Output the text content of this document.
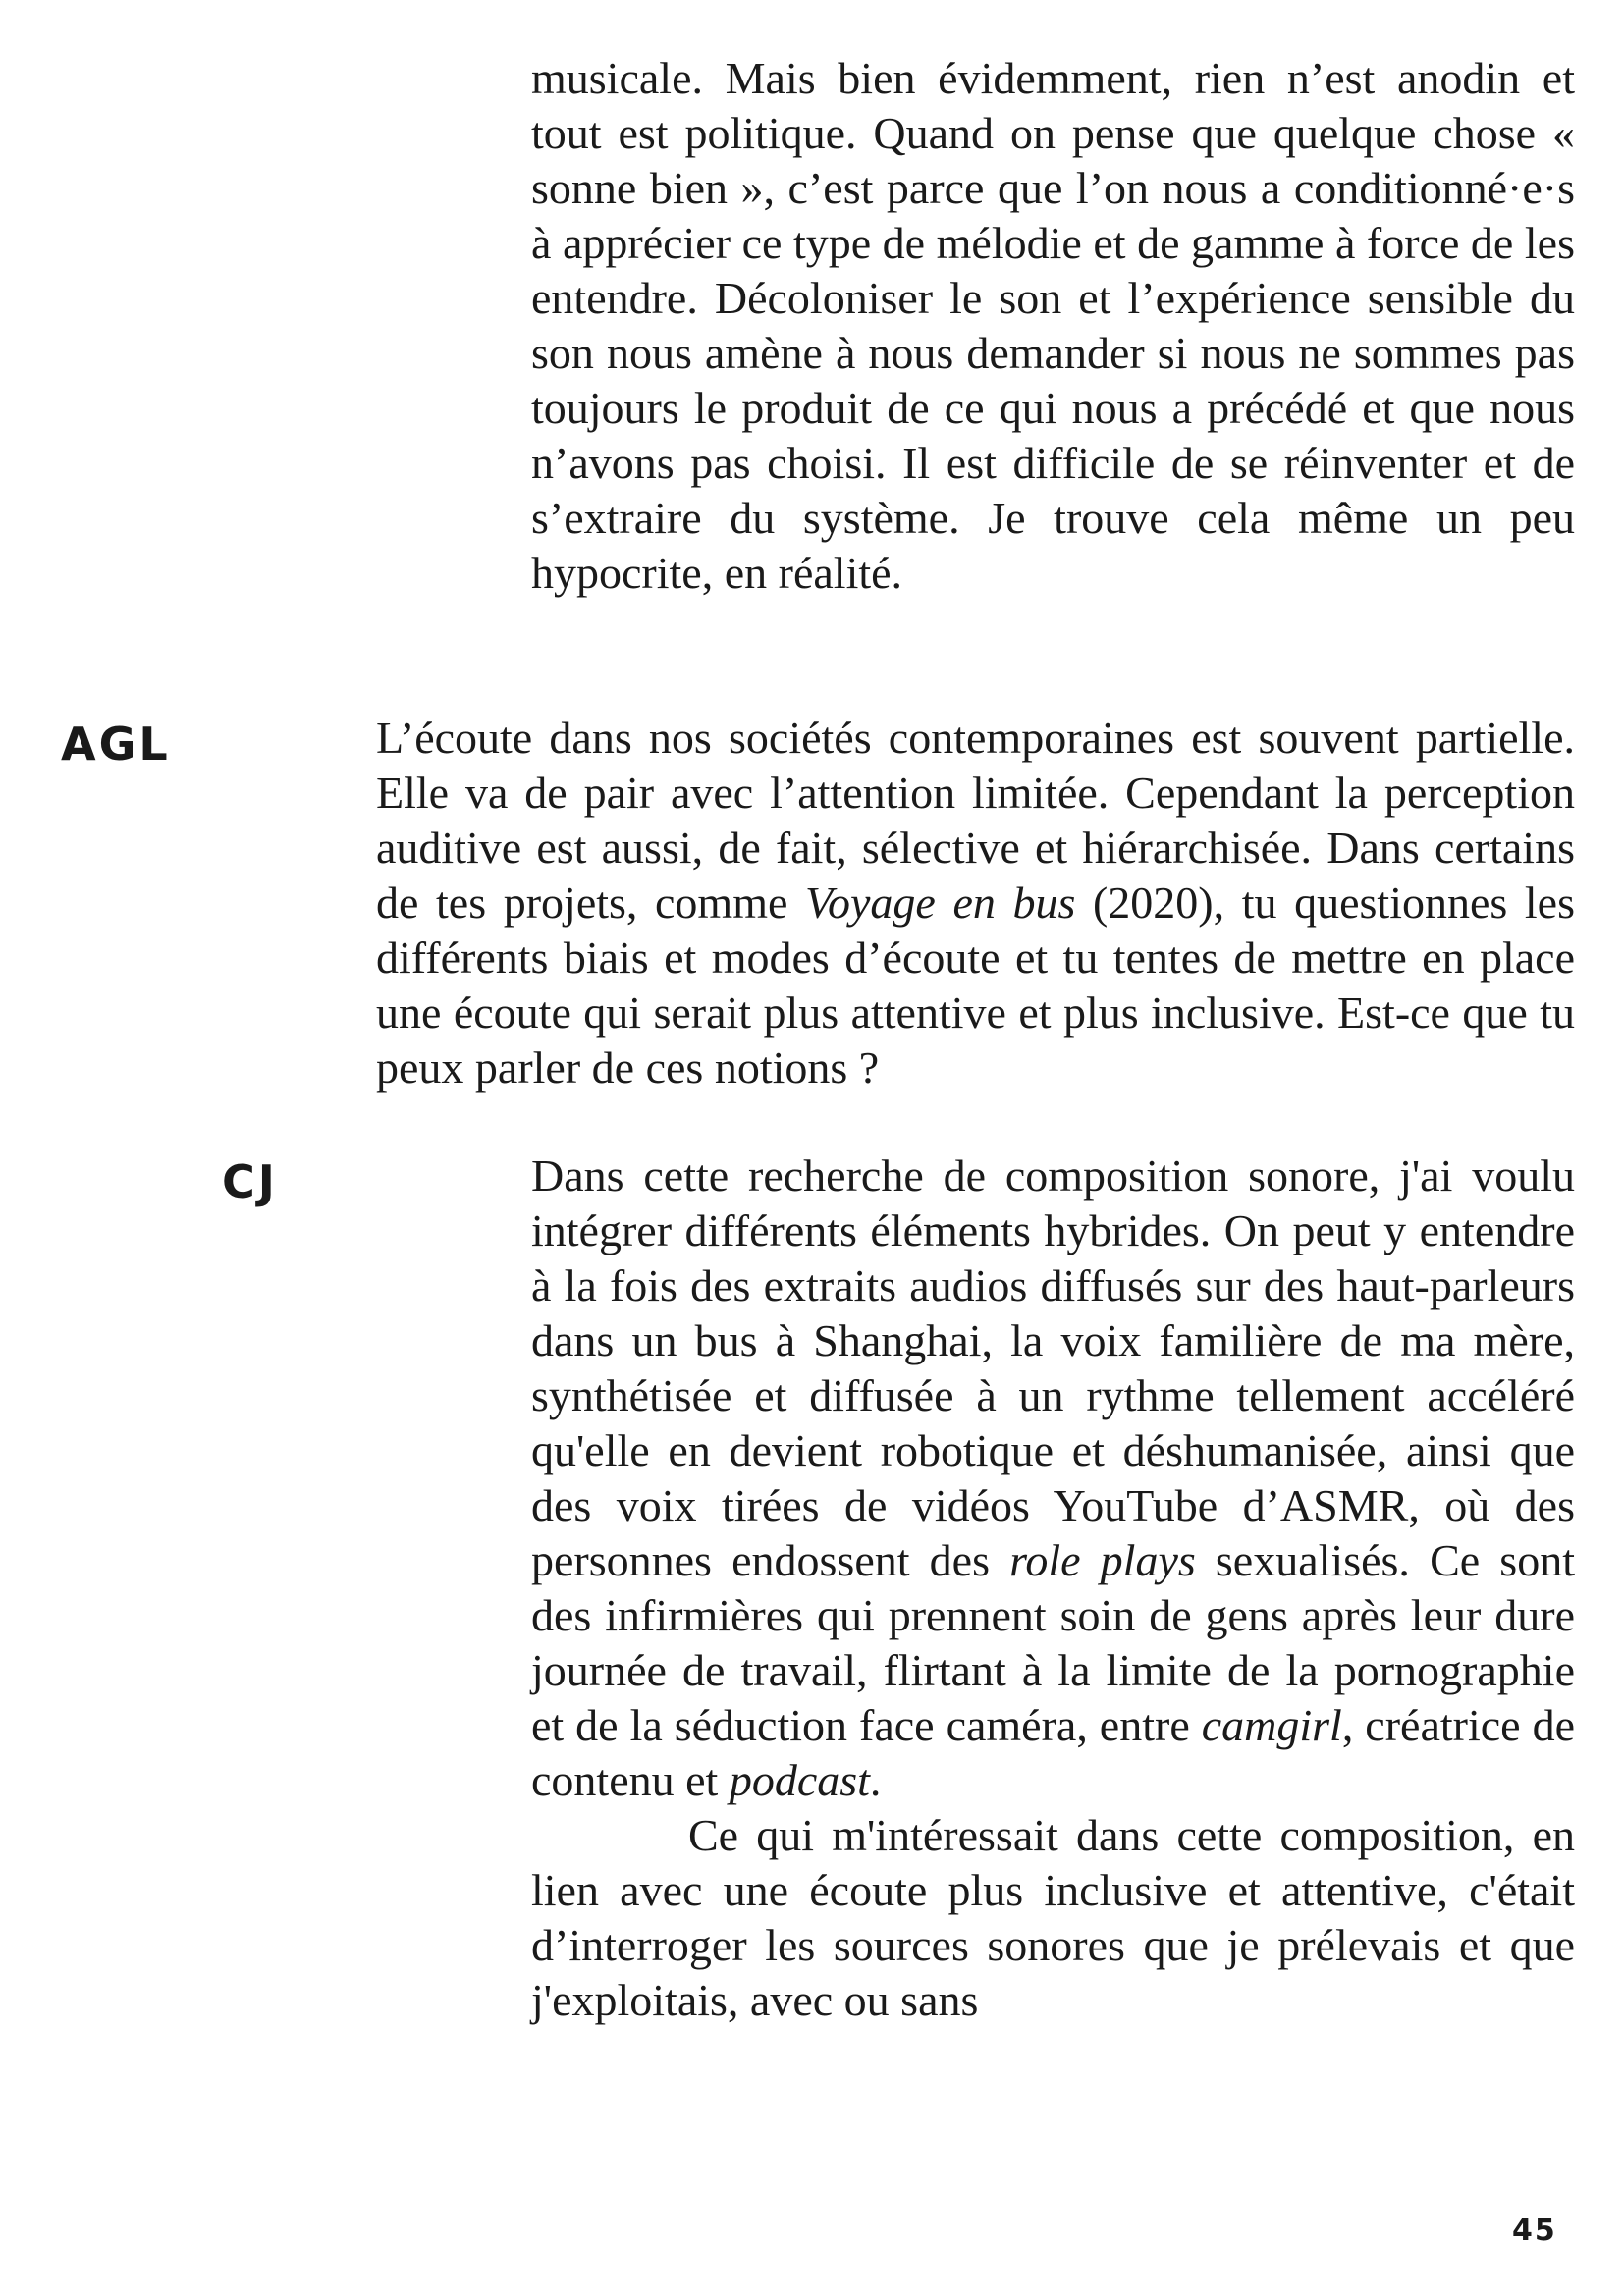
musicale. Mais bien évidemment, rien n’est anodin et tout est politique. Quand on pense que quelque chose « sonne bien », c’est parce que l’on nous a conditionné·e·s à apprécier ce type de mélodie et de gamme à force de les entendre. Décoloniser le son et l’expérience sensible du son nous amène à nous demander si nous ne sommes pas toujours le produit de ce qui nous a précédé et que nous n’avons pas choisi. Il est difficile de se réinventer et de s’extraire du système. Je trouve cela même un peu hypocrite, en réalité.

AGL	L’écoute dans nos sociétés contemporaines est souvent partielle. Elle va de pair avec l’attention limitée. Cependant la perception auditive est aussi, de fait, sélective et hiérarchisée. Dans certains de tes projets, comme Voyage en bus (2020), tu questionnes les différents biais et modes d’écoute et tu tentes de mettre en place une écoute qui serait plus attentive et plus inclusive. Est-ce que tu peux parler de ces notions ?

CJ	Dans cette recherche de composition sonore, j'ai voulu intégrer différents éléments hybrides. On peut y entendre à la fois des extraits audios diffusés sur des haut-parleurs dans un bus à Shanghai, la voix familière de ma mère, synthétisée et diffusée à un rythme tellement accéléré qu'elle en devient robotique et déshumanisée, ainsi que des voix tirées de vidéos YouTube d’ASMR, où des personnes endossent des role plays sexualisés. Ce sont des infirmières qui prennent soin de gens après leur dure journée de travail, flirtant à la limite de la pornographie et de la séduction face caméra, entre camgirl, créatrice de contenu et podcast.

Ce qui m'intéressait dans cette composition, en lien avec une écoute plus inclusive et attentive, c'était d’interroger les sources sonores que je prélevais et que j'exploitais, avec ou sans

45
